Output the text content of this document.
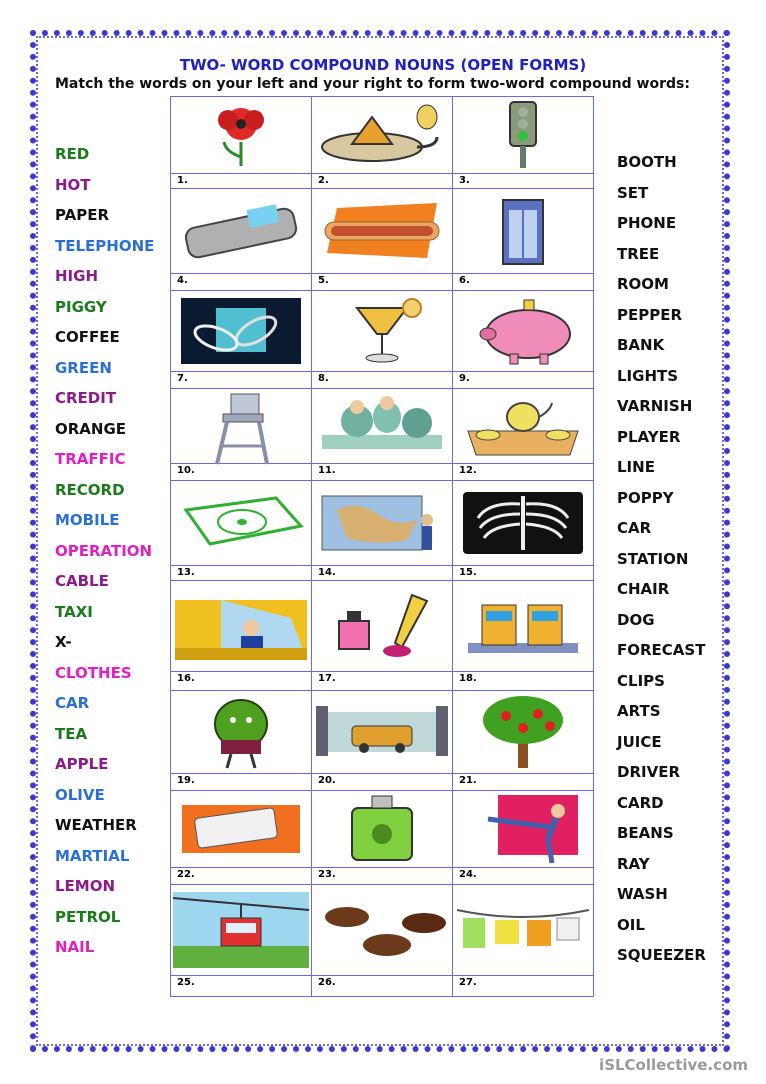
TWO- WORD COMPOUND NOUNS (OPEN FORMS)
Match the words on your left and your right to form two-word compound words:
RED
HOT
PAPER
TELEPHONE
HIGH
PIGGY
COFFEE
GREEN
CREDIT
ORANGE
TRAFFIC
RECORD
MOBILE
OPERATION
CABLE
TAXI
X-
CLOTHES
CAR
TEA
APPLE
OLIVE
WEATHER
MARTIAL
LEMON
PETROL
NAIL
BOOTH
SET
PHONE
TREE
ROOM
PEPPER
BANK
LIGHTS
VARNISH
PLAYER
LINE
POPPY
CAR
STATION
CHAIR
DOG
FORECAST
CLIPS
ARTS
JUICE
DRIVER
CARD
BEANS
RAY
WASH
OIL
SQUEEZER

1.	2.	3.

4.	5.	6.

7.	8.	9.

10.	11.	12.

13.	14.	15.

16.	17.	18.

19.	20.	21.

22.	23.	24.

25.	26.	27.
iSLCollective.com
